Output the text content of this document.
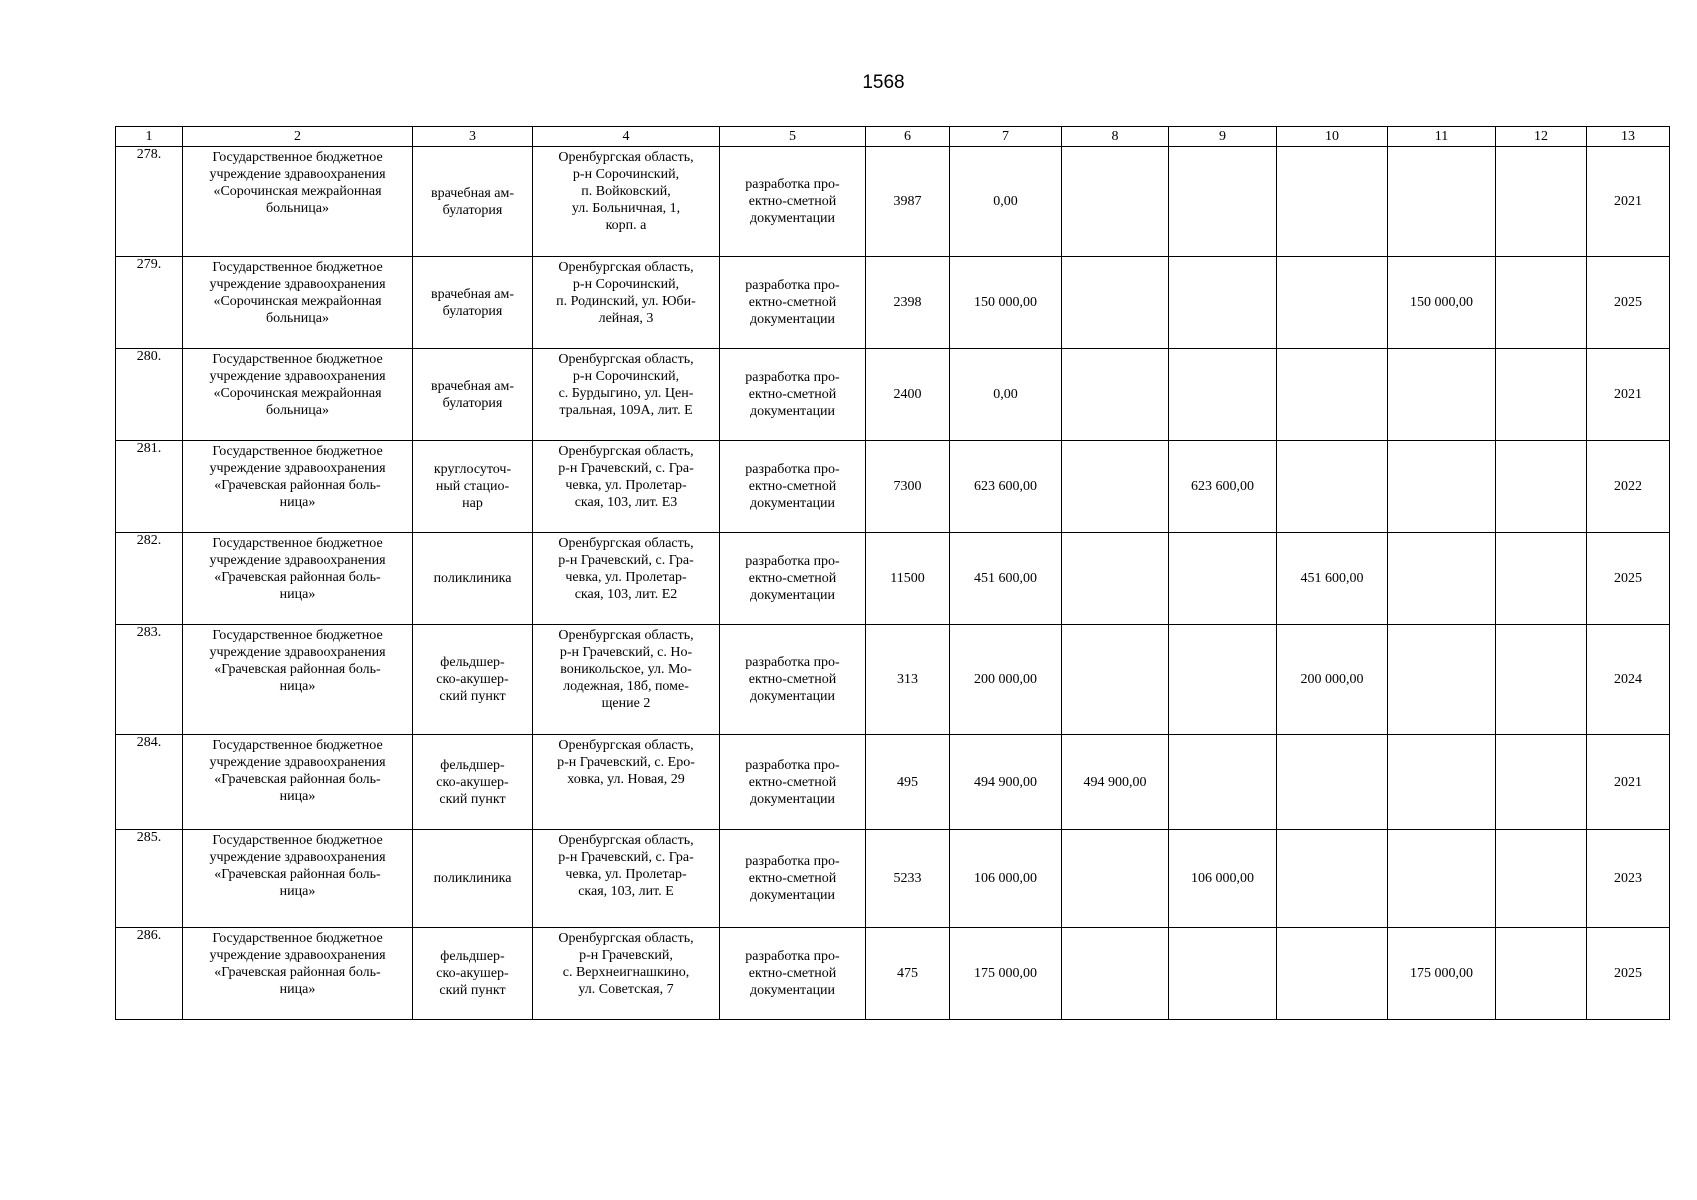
1568
1	2	3	4	5	6	7	8	9	10	11	12	13
278.	Государственное бюджетное
учреждение здравоохранения
«Сорочинская межрайонная
больница»	врачебная ам-
булатория	Оренбургская область,
р-н Сорочинский,
п. Войковский,
ул. Больничная, 1,
корп. а	разработка про-
ектно-сметной
документации	3987	0,00						2021
279.	Государственное бюджетное
учреждение здравоохранения
«Сорочинская межрайонная
больница»	врачебная ам-
булатория	Оренбургская область,
р-н Сорочинский,
п. Родинский, ул. Юби-
лейная, 3	разработка про-
ектно-сметной
документации	2398	150 000,00				150 000,00		2025
280.	Государственное бюджетное
учреждение здравоохранения
«Сорочинская межрайонная
больница»	врачебная ам-
булатория	Оренбургская область,
р-н Сорочинский,
с. Бурдыгино, ул. Цен-
тральная, 109А, лит. Е	разработка про-
ектно-сметной
документации	2400	0,00						2021
281.	Государственное бюджетное
учреждение здравоохранения
«Грачевская районная боль-
ница»	круглосуточ-
ный стацио-
нар	Оренбургская область,
р-н Грачевский, с. Гра-
чевка, ул. Пролетар-
ская, 103, лит. Е3	разработка про-
ектно-сметной
документации	7300	623 600,00		623 600,00				2022
282.	Государственное бюджетное
учреждение здравоохранения
«Грачевская районная боль-
ница»	поликлиника	Оренбургская область,
р-н Грачевский, с. Гра-
чевка, ул. Пролетар-
ская, 103, лит. Е2	разработка про-
ектно-сметной
документации	11500	451 600,00			451 600,00			2025
283.	Государственное бюджетное
учреждение здравоохранения
«Грачевская районная боль-
ница»	фельдшер-
ско-акушер-
ский пункт	Оренбургская область,
р-н Грачевский, с. Но-
воникольское, ул. Мо-
лодежная, 18б, поме-
щение 2	разработка про-
ектно-сметной
документации	313	200 000,00			200 000,00			2024
284.	Государственное бюджетное
учреждение здравоохранения
«Грачевская районная боль-
ница»	фельдшер-
ско-акушер-
ский пункт	Оренбургская область,
р-н Грачевский, с. Еро-
ховка, ул. Новая, 29	разработка про-
ектно-сметной
документации	495	494 900,00	494 900,00					2021
285.	Государственное бюджетное
учреждение здравоохранения
«Грачевская районная боль-
ница»	поликлиника	Оренбургская область,
р-н Грачевский, с. Гра-
чевка, ул. Пролетар-
ская, 103, лит. Е	разработка про-
ектно-сметной
документации	5233	106 000,00		106 000,00				2023
286.	Государственное бюджетное
учреждение здравоохранения
«Грачевская районная боль-
ница»	фельдшер-
ско-акушер-
ский пункт	Оренбургская область,
р-н Грачевский,
с. Верхнеигнашкино,
ул. Советская, 7	разработка про-
ектно-сметной
документации	475	175 000,00				175 000,00		2025
